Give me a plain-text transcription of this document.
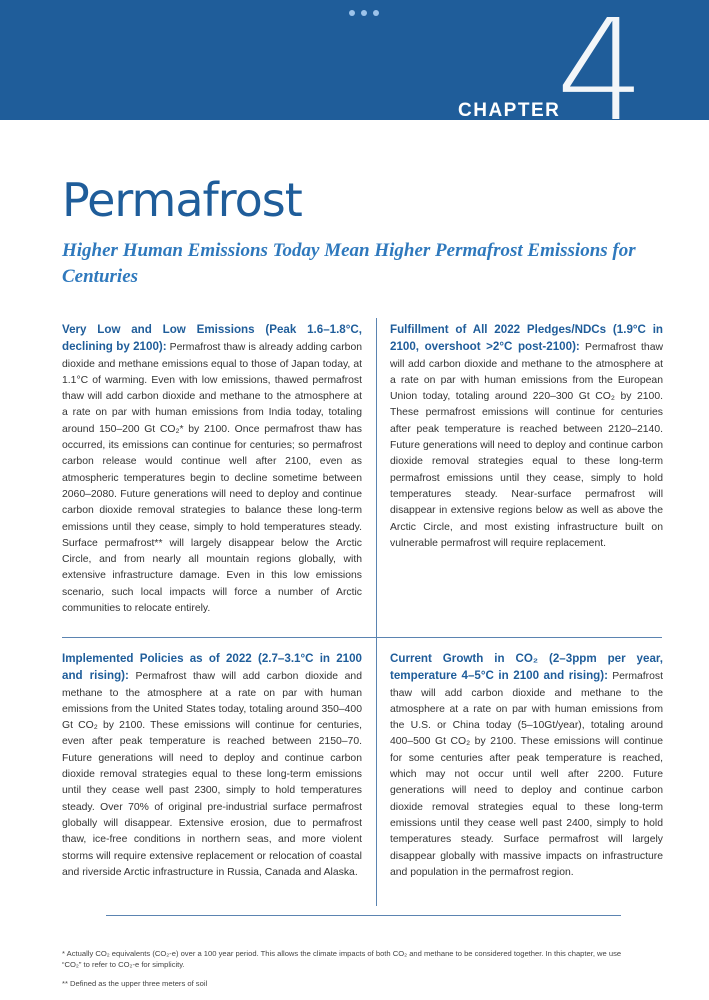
CHAPTER
4
Permafrost
Higher Human Emissions Today Mean Higher Permafrost Emissions for Centuries

Very Low and Low Emissions (Peak 1.6–1.8°C, declining by 2100): Permafrost thaw is already adding carbon dioxide and methane emissions equal to those of Japan today, at 1.1°C of warming. Even with low emissions, thawed permafrost thaw will add carbon dioxide and methane to the atmosphere at a rate on par with human emissions from India today, totaling around 150–200 Gt CO₂* by 2100. Once permafrost thaw has occurred, its emissions can continue for centuries; so permafrost carbon release would continue well after 2100, even as atmospheric temperatures begin to decline sometime between 2060–2080. Future generations will need to deploy and continue carbon dioxide removal strategies to balance these long-term emissions until they cease, simply to hold temperatures steady. Surface permafrost** will largely disappear below the Arctic Circle, and from nearly all mountain regions globally, with extensive infrastructure damage. Even in this low emissions scenario, such local impacts will force a number of Arctic communities to relocate entirely.

Fulfillment of All 2022 Pledges/NDCs (1.9°C in 2100, overshoot >2°C post-2100): Permafrost thaw will add carbon dioxide and methane to the atmosphere at a rate on par with human emissions from the European Union today, totaling around 220–300 Gt CO₂ by 2100. These permafrost emissions will continue for centuries after peak temperature is reached between 2120–2140. Future generations will need to deploy and continue carbon dioxide removal strategies equal to these long-term permafrost emissions until they cease, simply to hold temperatures steady. Near-surface permafrost will disappear in extensive regions below as well as above the Arctic Circle, and most existing infrastructure built on vulnerable permafrost will require replacement.

Implemented Policies as of 2022 (2.7–3.1°C in 2100 and rising): Permafrost thaw will add carbon dioxide and methane to the atmosphere at a rate on par with human emissions from the United States today, totaling around 350–400 Gt CO₂ by 2100. These emissions will continue for centuries, even after peak temperature is reached between 2150–70. Future generations will need to deploy and continue carbon dioxide removal strategies equal to these long-term emissions until they cease well past 2300, simply to hold temperatures steady. Over 70% of original pre-industrial surface permafrost globally will disappear. Extensive erosion, due to permafrost thaw, ice-free conditions in northern seas, and more violent storms will require extensive replacement or relocation of coastal and riverside Arctic infrastructure in Russia, Canada and Alaska.

Current Growth in CO₂ (2–3ppm per year, temperature 4–5°C in 2100 and rising): Permafrost thaw will add carbon dioxide and methane to the atmosphere at a rate on par with human emissions from the U.S. or China today (5–10Gt/year), totaling around 400–500 Gt CO₂ by 2100. These emissions will continue for some centuries after peak temperature is reached, which may not occur until well after 2200. Future generations will need to deploy and continue carbon dioxide removal strategies equal to these long-term emissions until they cease well past 2400, simply to hold temperatures steady. Surface permafrost will largely disappear globally with massive impacts on infrastructure and population in the permafrost region.

* Actually CO₂ equivalents (CO₂-e) over a 100 year period. This allows the climate impacts of both CO₂ and methane to be considered together. In this chapter, we use “CO₂” to refer to CO₂-e for simplicity.

** Defined as the upper three meters of soil
